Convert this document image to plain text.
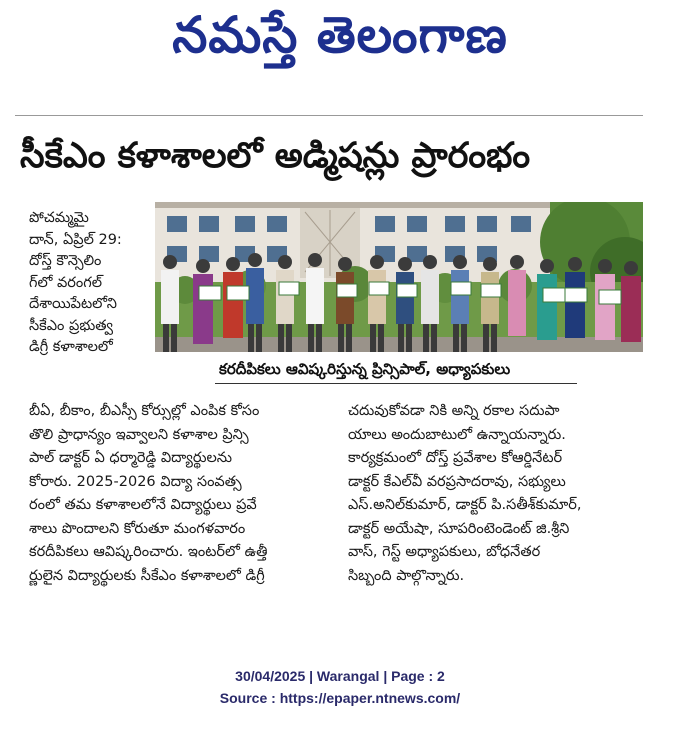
నమస్తే తెలంగాణ
సీకేఎం కళాశాలలో అడ్మిషన్లు ప్రారంభం

పోచమ్మమై

దాన్, ఏప్రిల్ 29:

దోస్త్ కౌన్సెలిం

గ్‌లో వరంగల్

దేశాయిపేటలోని

సీకేఎం ప్రభుత్వ

డిగ్రీ కళాశాలలో

కరదీపికలు ఆవిష్కరిస్తున్న ప్రిన్సిపాల్, అధ్యాపకులు

బీఏ, బీకాం, బీఎస్సీ కోర్సుల్లో ఎంపిక కోసం

తొలి ప్రాధాన్యం ఇవ్వాలని కళాశాల ప్రిన్సి

పాల్ డాక్టర్ ఏ ధర్మారెడ్డి విద్యార్థులను

కోరారు. 2025-2026 విద్యా సంవత్స

రంలో తమ కళాశాలలోనే విద్యార్థులు ప్రవే

శాలు పొందాలని కోరుతూ మంగళవారం

కరదీపికలు ఆవిష్కరించారు. ఇంటర్‌లో ఉత్తీ

ర్ణులైన విద్యార్థులకు సీకేఎం కళాశాలలో డిగ్రీ

చదువుకోవడా నికి అన్ని రకాల సదుపా

యాలు అందుబాటులో ఉన్నాయన్నారు.

కార్యక్రమంలో దోస్త్ ప్రవేశాల కోఆర్డినేటర్

డాక్టర్ కేఎల్‌వీ వరప్రసాదరావు, సభ్యులు

ఎస్.అనిల్‌కుమార్, డాక్టర్ పి.సతీశ్‌కుమార్,

డాక్టర్ అయేషా, సూపరింటెండెంట్ జి.శ్రీని

వాస్, గెస్ట్ అధ్యాపకులు, బోధనేతర

సిబ్బంది పాల్గొన్నారు.

30/04/2025 | Warangal | Page : 2
Source : https://epaper.ntnews.com/
